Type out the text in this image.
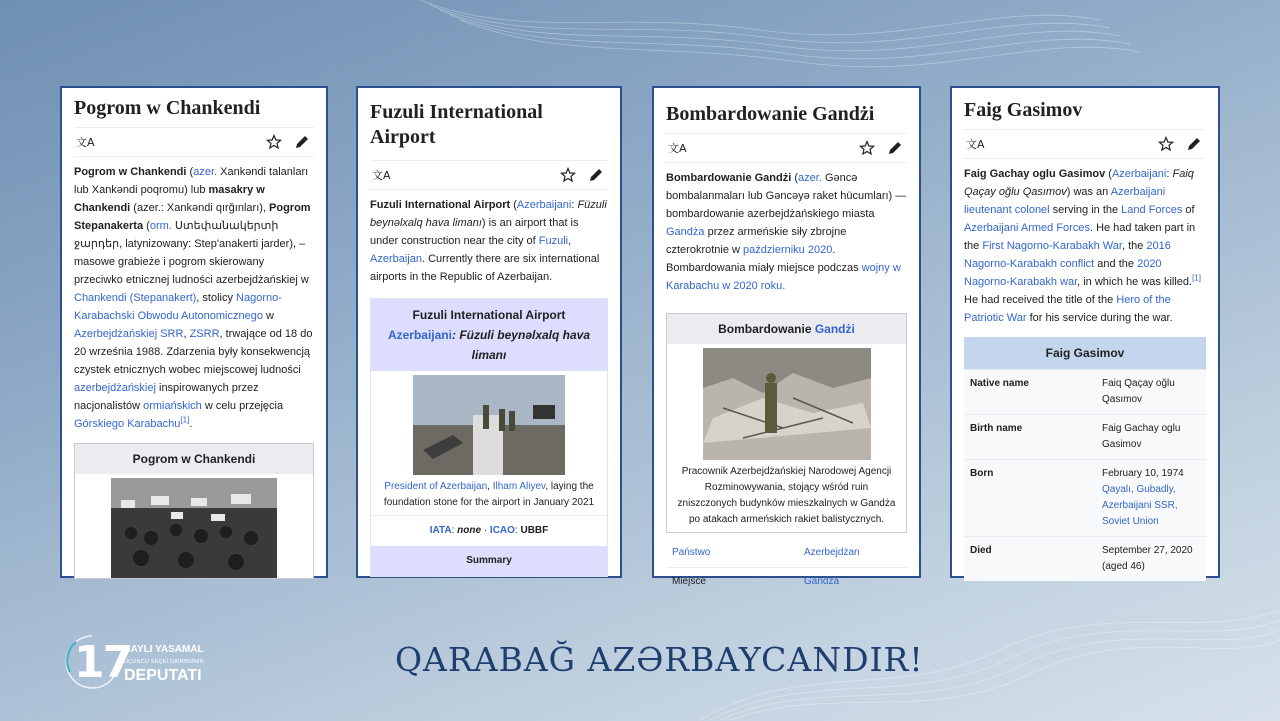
Pogrom w Chankendi
文A

Pogrom w Chankendi (azer. Xankəndi talanları lub Xankəndi poqromu) lub masakry w Chankendi (azer.: Xankəndi qırğınları), Pogrom Stepanakerta (orm. Ստեփանակերտի ջարդեր, latynizowany: Step'anakerti jarder), – masowe grabieże i pogrom skierowany przeciwko etnicznej ludności azerbejdżańskiej w Chankendi (Stepanakert), stolicy Nagorno-Karabachski Obwodu Autonomicznego w Azerbejdżańskiej SRR, ZSRR, trwające od 18 do 20 września 1988. Zdarzenia były konsekwencją czystek etnicznych wobec miejscowej ludności azerbejdżańskiej inspirowanych przez nacjonalistów ormiańskich w celu przejęcia Górskiego Karabachu[1].

Pogrom w Chankendi
Fuzuli International
Airport
文A

Fuzuli International Airport (Azerbaijani: Füzuli beynəlxalq hava limanı) is an airport that is under construction near the city of Fuzuli, Azerbaijan. Currently there are six international airports in the Republic of Azerbaijan.

Fuzuli International Airport
Azerbaijani: Füzuli beynəlxalq hava limanı
President of Azerbaijan, Ilham Aliyev, laying the foundation stone for the airport in January 2021
IATA: none · ICAO: UBBF
Summary
Bombardowanie Gandżi
文A

Bombardowanie Gandżi (azer. Gəncə bombalanmaları lub Gəncəyə raket hücumları) — bombardowanie azerbejdżańskiego miasta Gandża przez armeńskie siły zbrojne czterokrotnie w październiku 2020. Bombardowania miały miejsce podczas wojny w Karabachu w 2020 roku.

Bombardowanie Gandżi
Pracownik Azerbejdżańskiej Narodowej Agencji Rozminowywania, stojący wśród ruin zniszczonych budynków mieszkalnych w Gandża po atakach armeńskich rakiet balistycznych.
Państwo	Azerbejdżan
Miejsce	Gandża
Faig Gasimov
文A

Faig Gachay oglu Gasimov (Azerbaijani: Faiq Qaçay oğlu Qasımov) was an Azerbaijani lieutenant colonel serving in the Land Forces of Azerbaijani Armed Forces. He had taken part in the First Nagorno-Karabakh War, the 2016 Nagorno-Karabakh conflict and the 2020 Nagorno-Karabakh war, in which he was killed.[1] He had received the title of the Hero of the Patriotic War for his service during the war.

Faig Gasimov
Native name	Faiq Qaçay oğlu Qasımov
Birth name	Faig Gachay oglu Gasimov
Born	February 10, 1974
Qayalı, Gubadly, Azerbaijani SSR, Soviet Union
Died	September 27, 2020 (aged 46)
17
SAYLI YASAMAL
ÜÇÜNCÜ SEÇKİ DAİRƏSİNİN
DEPUTATI	QARABAĞ AZƏRBAYCANDIR!
